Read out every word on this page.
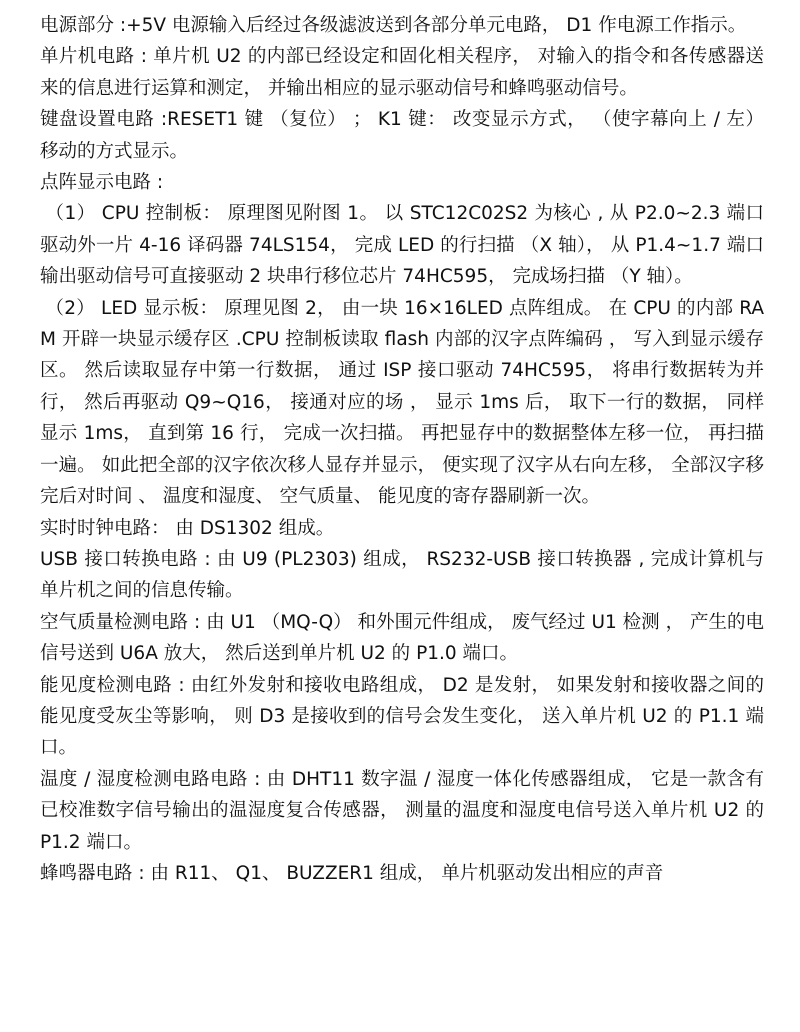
电源部分 :+5V 电源输入后经过各级滤波送到各部分单元电路， D1 作电源工作指示。

单片机电路 : 单片机 U2 的内部已经设定和固化相关程序， 对输入的指令和各传感器送来的信息进行运算和测定， 并输出相应的显示驱动信号和蜂鸣驱动信号。

键盘设置电路 :RESET1 键 （复位） ； K1 键： 改变显示方式， （使字幕向上 / 左） 移动的方式显示。

点阵显示电路 :

（1） CPU 控制板： 原理图见附图 1。 以 STC12C02S2 为核心 , 从 P2.0~2.3 端口驱动外一片 4-16 译码器 74LS154， 完成 LED 的行扫描 （X 轴）， 从 P1.4~1.7 端口输出驱动信号可直接驱动 2 块串行移位芯片 74HC595， 完成场扫描 （Y 轴）。

（2） LED 显示板： 原理见图 2， 由一块 16×16LED 点阵组成。 在 CPU 的内部 RAM 开辟一块显示缓存区 .CPU 控制板读取 flash 内部的汉字点阵编码 ， 写入到显示缓存区。 然后读取显存中第一行数据， 通过 ISP 接口驱动 74HC595， 将串行数据转为并行， 然后再驱动 Q9~Q16， 接通对应的场 ， 显示 1ms 后， 取下一行的数据， 同样显示 1ms， 直到第 16 行， 完成一次扫描。 再把显存中的数据整体左移一位， 再扫描一遍。 如此把全部的汉字依次移人显存并显示， 便实现了汉字从右向左移， 全部汉字移完后对时间 、 温度和湿度、 空气质量、 能见度的寄存器刷新一次。

实时时钟电路： 由 DS1302 组成。

USB 接口转换电路 : 由 U9 (PL2303) 组成， RS232-USB 接口转换器 , 完成计算机与单片机之间的信息传输。

空气质量检测电路 : 由 U1 （MQ-Q） 和外围元件组成， 废气经过 U1 检测 ， 产生的电信号送到 U6A 放大， 然后送到单片机 U2 的 P1.0 端口。

能见度检测电路 : 由红外发射和接收电路组成， D2 是发射， 如果发射和接收器之间的能见度受灰尘等影响， 则 D3 是接收到的信号会发生变化， 送入单片机 U2 的 P1.1 端口。

温度 / 湿度检测电路电路 : 由 DHT11 数字温 / 湿度一体化传感器组成， 它是一款含有已校准数字信号输出的温湿度复合传感器， 测量的温度和湿度电信号送入单片机 U2 的 P1.2 端口。

蜂鸣器电路 : 由 R11、 Q1、 BUZZER1 组成， 单片机驱动发出相应的声音
